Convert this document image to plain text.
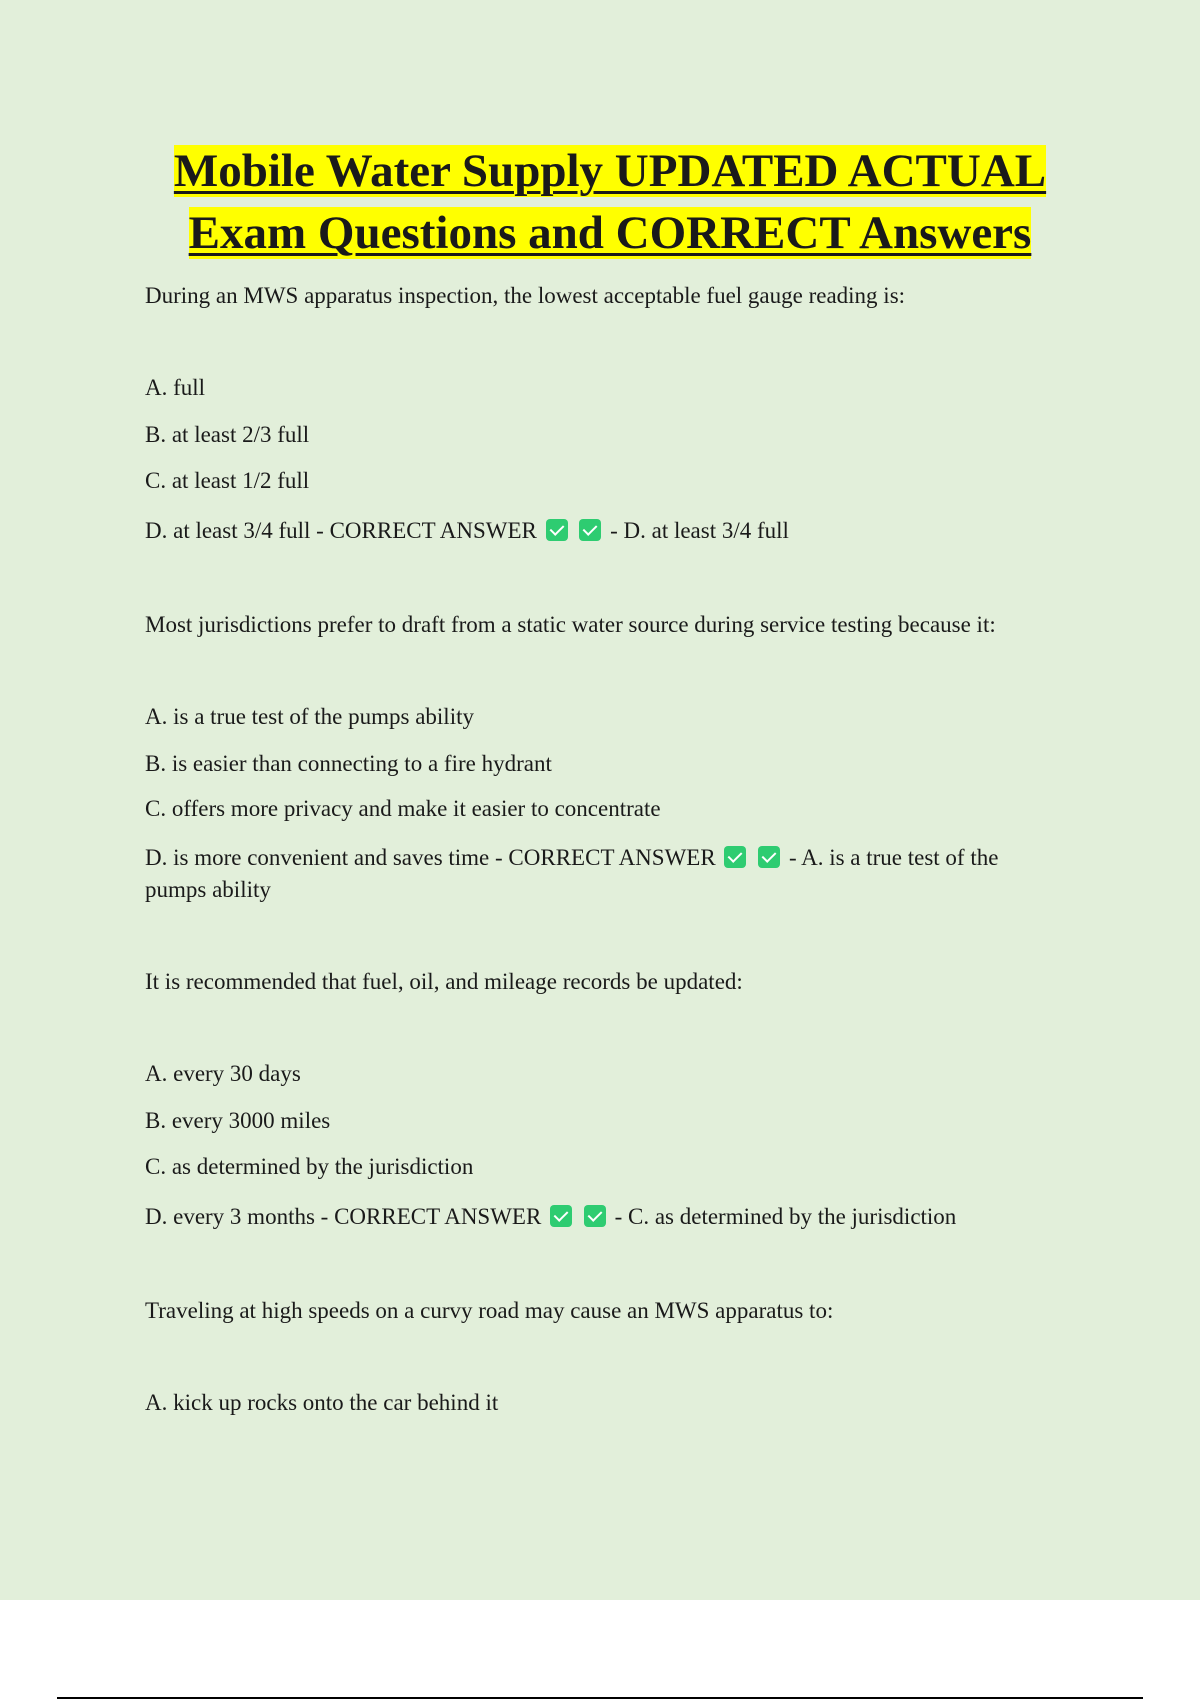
Mobile Water Supply UPDATED ACTUAL
Exam Questions and CORRECT Answers
During an MWS apparatus inspection, the lowest acceptable fuel gauge reading is:
A. full
B. at least 2/3 full
C. at least 1/2 full
D. at least 3/4 full - CORRECT ANSWER	- D. at least 3/4 full
Most jurisdictions prefer to draft from a static water source during service testing because it:
A. is a true test of the pumps ability
B. is easier than connecting to a fire hydrant
C. offers more privacy and make it easier to concentrate
D. is more convenient and saves time - CORRECT ANSWER	- A. is a true test of the pumps ability
It is recommended that fuel, oil, and mileage records be updated:
A. every 30 days
B. every 3000 miles
C. as determined by the jurisdiction
D. every 3 months - CORRECT ANSWER	- C. as determined by the jurisdiction
Traveling at high speeds on a curvy road may cause an MWS apparatus to:
A. kick up rocks onto the car behind it
